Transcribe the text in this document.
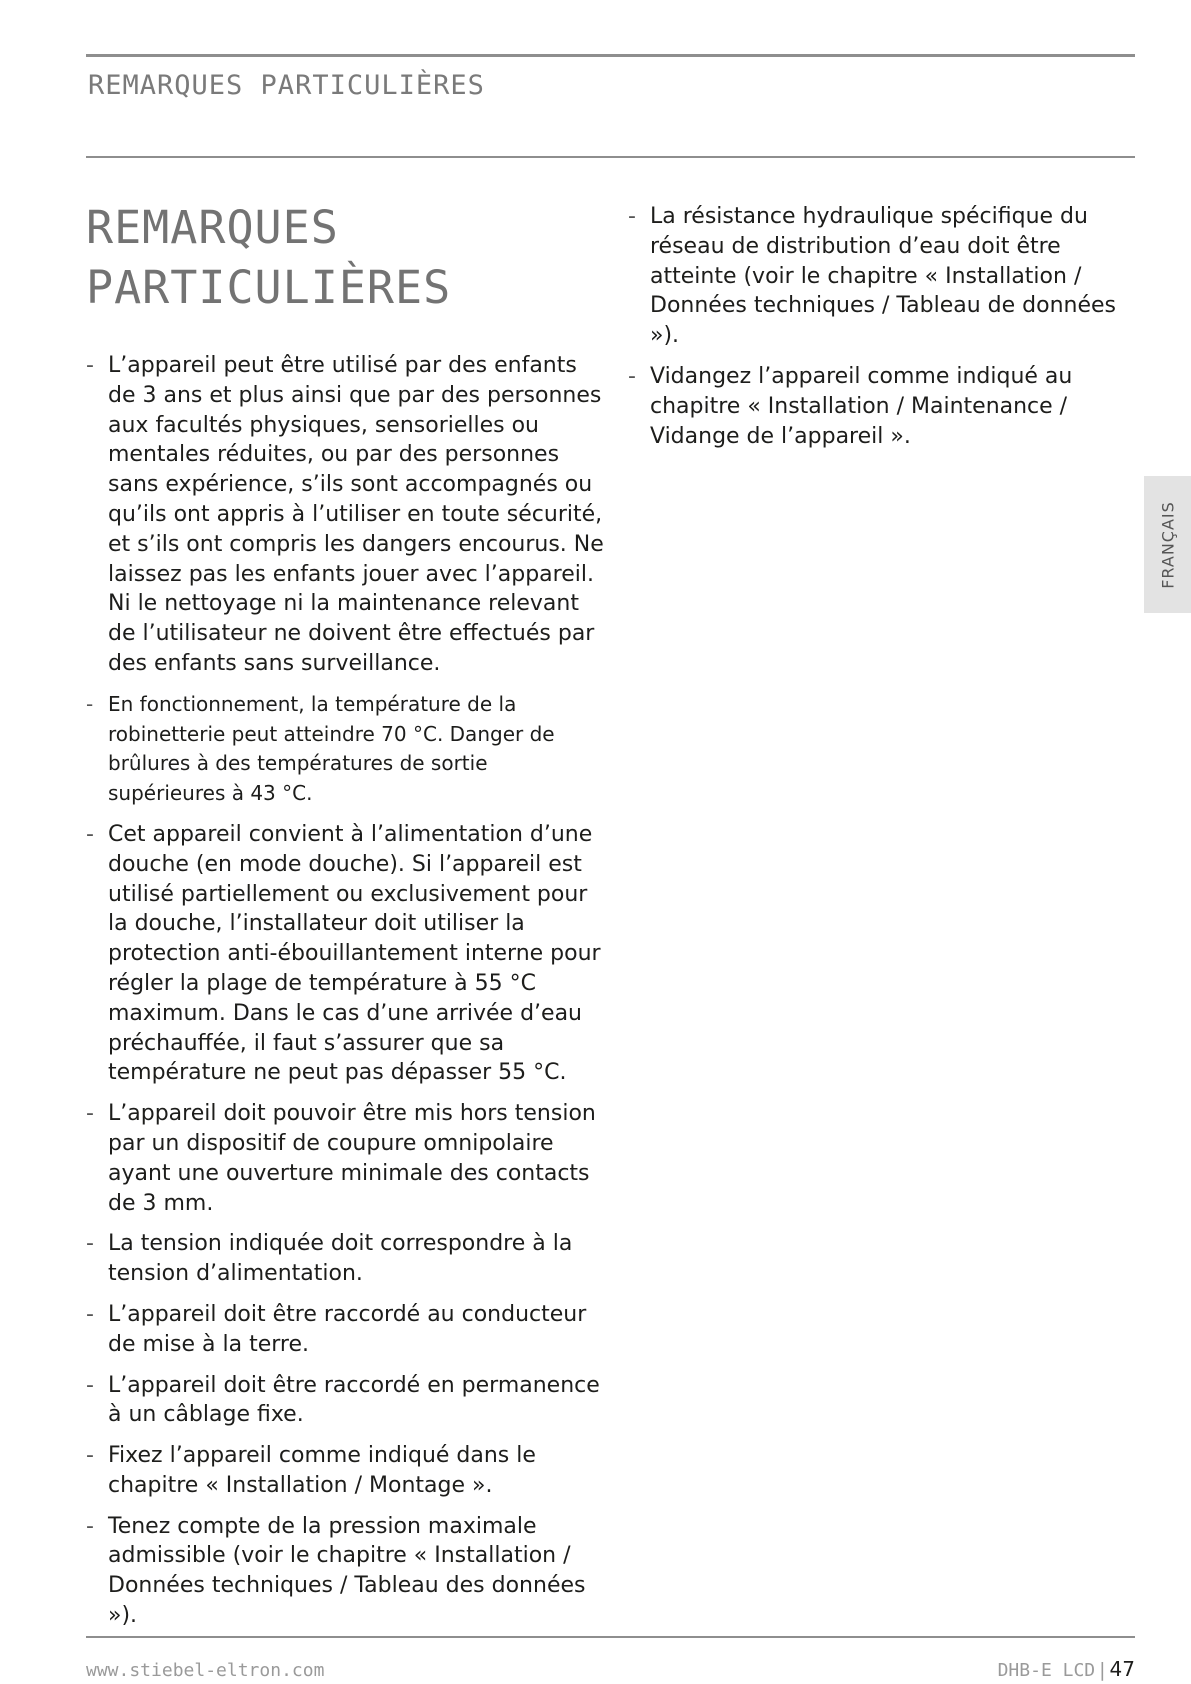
REMARQUES PARTICULIÈRES
REMARQUES
PARTICULIÈRES
- L’appareil peut être utilisé par des enfants de 3 ans et plus ainsi que par des personnes aux facultés physiques, sensorielles ou mentales réduites, ou par des personnes sans expérience, s’ils sont accompagnés ou qu’ils ont appris à l’utiliser en toute sécurité, et s’ils ont compris les dangers encourus. Ne laissez pas les enfants jouer avec l’appareil. Ni le nettoyage ni la maintenance relevant de l’utilisateur ne doivent être effectués par des enfants sans surveillance.
- En fonctionnement, la température de la robinetterie peut atteindre 70 °C. Danger de brûlures à des températures de sortie supérieures à 43 °C.
- Cet appareil convient à l’alimentation d’une douche (en mode douche). Si l’appareil est utilisé partiellement ou exclusivement pour la douche, l’installateur doit utiliser la protection anti-ébouillantement interne pour régler la plage de température à 55 °C maximum. Dans le cas d’une arrivée d’eau préchauffée, il faut s’assurer que sa température ne peut pas dépasser 55 °C.
- L’appareil doit pouvoir être mis hors tension par un dispositif de coupure omnipolaire ayant une ouverture minimale des contacts de 3 mm.
- La tension indiquée doit correspondre à la tension d’alimentation.
- L’appareil doit être raccordé au conducteur de mise à la terre.
- L’appareil doit être raccordé en permanence à un câblage fixe.
- Fixez l’appareil comme indiqué dans le chapitre « Installation / Montage ».
- Tenez compte de la pression maximale admissible (voir le chapitre « Installation / Données techniques / Tableau des données »).
- La résistance hydraulique spécifique du réseau de distribution d’eau doit être atteinte (voir le chapitre « Installation / Données techniques / Tableau de données »).
- Vidangez l’appareil comme indiqué au chapitre « Installation / Maintenance / Vidange de l’appareil ».
FRANÇAIS
www.stiebel-eltron.com	DHB-E LCD | 47
